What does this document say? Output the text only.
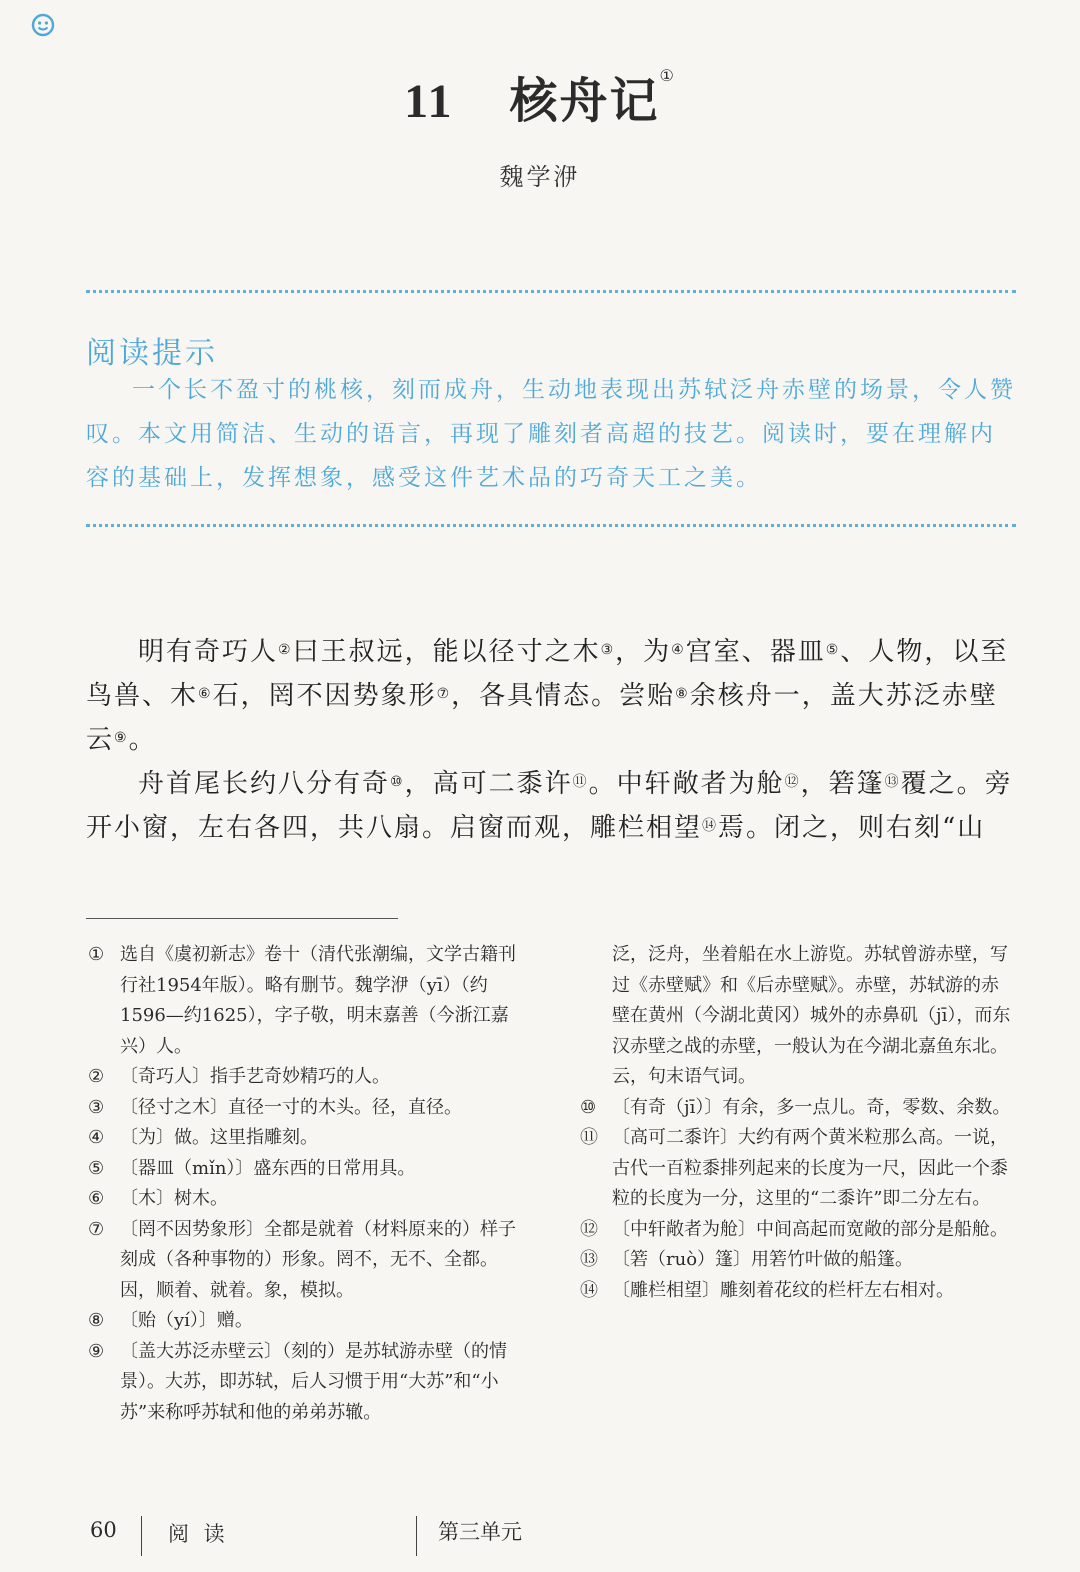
11 核舟记①
魏学洢
阅读提示
一个长不盈寸的桃核，刻而成舟，生动地表现出苏轼泛舟赤壁的场景，令人赞叹。本文用简洁、生动的语言，再现了雕刻者高超的技艺。阅读时，要在理解内容的基础上，发挥想象，感受这件艺术品的巧奇天工之美。

明有奇巧人②曰王叔远，能以径寸之木③，为④宫室、器皿⑤、人物，以至鸟兽、木⑥石，罔不因势象形⑦，各具情态。尝贻⑧余核舟一，盖大苏泛赤壁云⑨。

舟首尾长约八分有奇⑩，高可二黍许⑪。中轩敞者为舱⑫，箬篷⑬覆之。旁开小窗，左右各四，共八扇。启窗而观，雕栏相望⑭焉。闭之，则右刻“山

① 选自《虞初新志》卷十（清代张潮编，文学古籍刊行社1954年版）。略有删节。魏学洢（yī）（约1596—约1625），字子敬，明末嘉善（今浙江嘉兴）人。

② 〔奇巧人〕指手艺奇妙精巧的人。

③ 〔径寸之木〕直径一寸的木头。径，直径。

④ 〔为〕做。这里指雕刻。

⑤ 〔器皿（mǐn）〕盛东西的日常用具。

⑥ 〔木〕树木。

⑦ 〔罔不因势象形〕全都是就着（材料原来的）样子刻成（各种事物的）形象。罔不，无不、全都。因，顺着、就着。象，模拟。

⑧ 〔贻（yí）〕赠。

⑨ 〔盖大苏泛赤壁云〕（刻的）是苏轼游赤壁（的情景）。大苏，即苏轼，后人习惯于用“大苏”和“小苏”来称呼苏轼和他的弟弟苏辙。

泛，泛舟，坐着船在水上游览。苏轼曾游赤壁，写过《赤壁赋》和《后赤壁赋》。赤壁，苏轼游的赤壁在黄州（今湖北黄冈）城外的赤鼻矶（jī），而东汉赤壁之战的赤壁，一般认为在今湖北嘉鱼东北。云，句末语气词。

⑩ 〔有奇（jī）〕有余，多一点儿。奇，零数、余数。

⑪ 〔高可二黍许〕大约有两个黄米粒那么高。一说，古代一百粒黍排列起来的长度为一尺，因此一个黍粒的长度为一分，这里的“二黍许”即二分左右。

⑫ 〔中轩敞者为舱〕中间高起而宽敞的部分是船舱。

⑬ 〔箬（ruò）篷〕用箬竹叶做的船篷。

⑭ 〔雕栏相望〕雕刻着花纹的栏杆左右相对。

60 阅 读	第三单元
